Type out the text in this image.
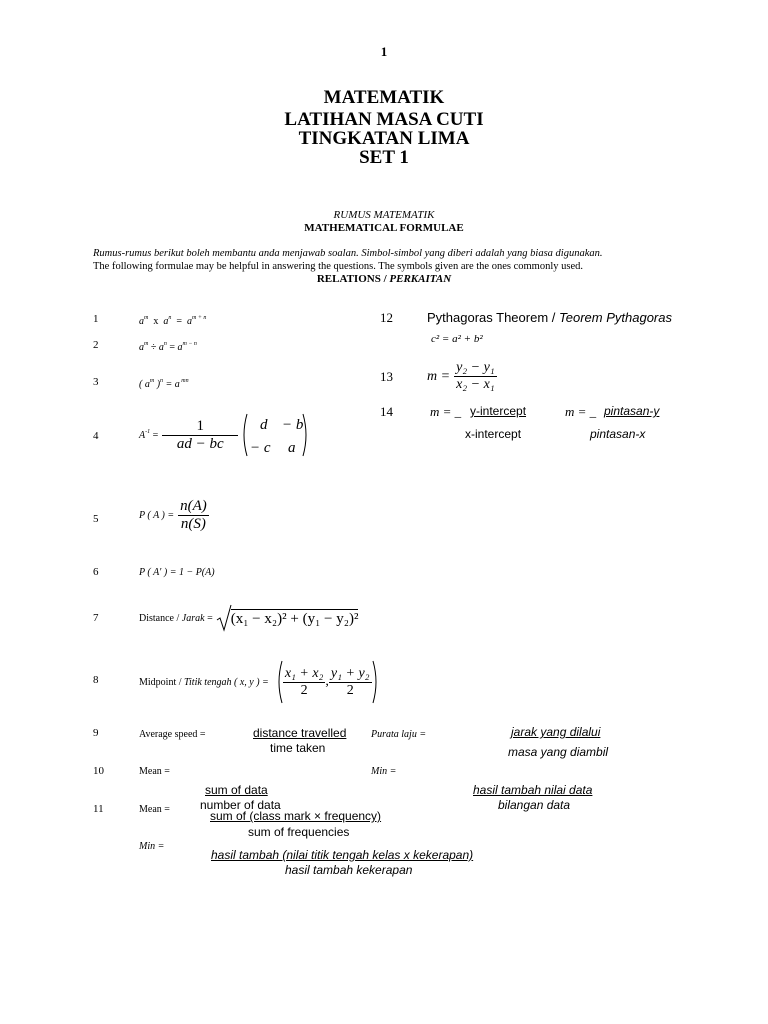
1
MATEMATIK
LATIHAN MASA CUTI
TINGKATAN LIMA
SET 1
RUMUS MATEMATIK
MATHEMATICAL FORMULAE
Rumus-rumus berikut boleh membantu anda menjawab soalan. Simbol-simbol yang diberi adalah yang biasa digunakan.
The following formulae may be helpful in answering the questions. The symbols given are the ones commonly used.
RELATIONS / PERKAITAN
1
2
3
4
5
6
7
8
9
10
11
12
13
14
$a^m$ x $a^n = a^{m + n}$
$a^m \div a^n = a^{m - n}$
( $a^m$ )$^n$ = a $^{mn}$
$A^{-1} = \frac{1}{ad - bc}$ d − b
− c a
P ( A ) = $\frac{n(A)}{n(S)}$
P ( A′ ) = 1 − P(A)
Distance / Jarak = (x₁ − x₂)² + (y₁ − y₂)²
Midpoint / Titik tengah ( x, y ) = $\frac{\text{x₁ + x₂}}{2}$ , $\frac{\text{y₁ + y₂}}{2}$
Average speed =	distance travelled
time taken
Purata laju =	jarak yang dilalui
masa yang diambil
Mean =
sum of data
number of data
Min =
hasil tambah nilai data
bilangan data
Mean =	sum of (class mark × frequency)
sum of frequencies
Min =
hasil tambah (nilai titik tengah kelas x kekerapan)
hasil tambah kekerapan
Pythagoras Theorem / Teorem Pythagoras
c² = a² + b²
$m = \frac{\text{y₂ − y₁}}{\text{x₂ − x₁}}$
m = _ y-intercept
x-intercept
m = _ pintasan-y
pintasan-x
